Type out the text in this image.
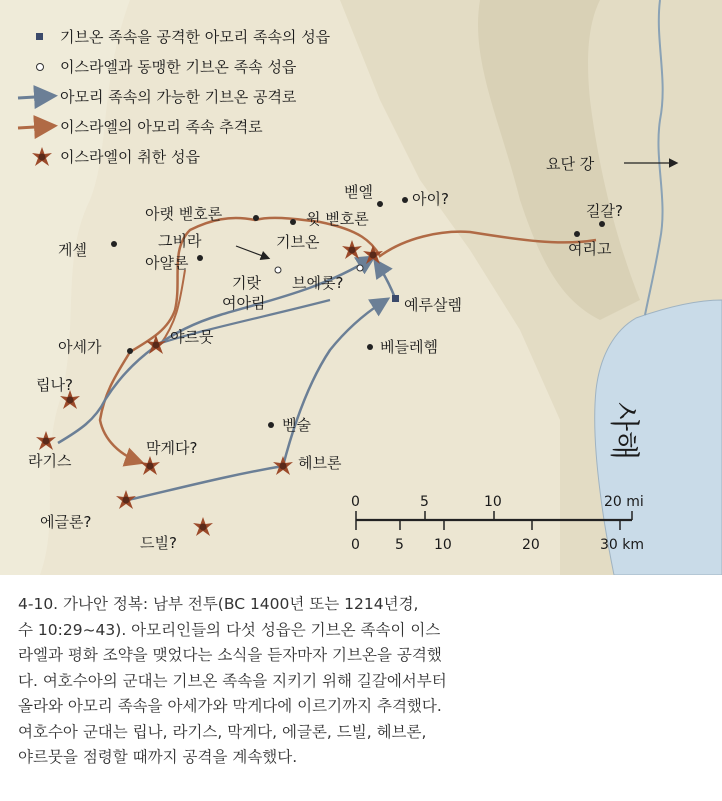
기브온 족속을 공격한 아모리 족속의 성읍
이스라엘과 동맹한 기브온 족속 성읍
아모리 족속의 가능한 기브온 공격로
이스라엘의 아모리 족속 추격로
이스라엘이 취한 성읍	요단 강
벧엘	아이?
길갈?
여리고
아랫 벧호론	윗 벧호론
게셀	그비라	기브온
아얄론
기랏
여아림
브에롯?
예루살렘
아세가
야르뭇
베들레헴
립나?
라기스
막게다?
벧술
헤브론
에글론?
드빌?
사해
0	5	10	20 mi
0	5 10	20	30 km

4-10. 가나안 정복: 남부 전투(BC 1400년 또는 1214년경,

수 10:29~43). 아모리인들의 다섯 성읍은 기브온 족속이 이스

라엘과 평화 조약을 맺었다는 소식을 듣자마자 기브온을 공격했

다. 여호수아의 군대는 기브온 족속을 지키기 위해 길갈에서부터

올라와 아모리 족속을 아세가와 막게다에 이르기까지 추격했다.

여호수아 군대는 립나, 라기스, 막게다, 에글론, 드빌, 헤브론,

야르뭇을 점령할 때까지 공격을 계속했다.
